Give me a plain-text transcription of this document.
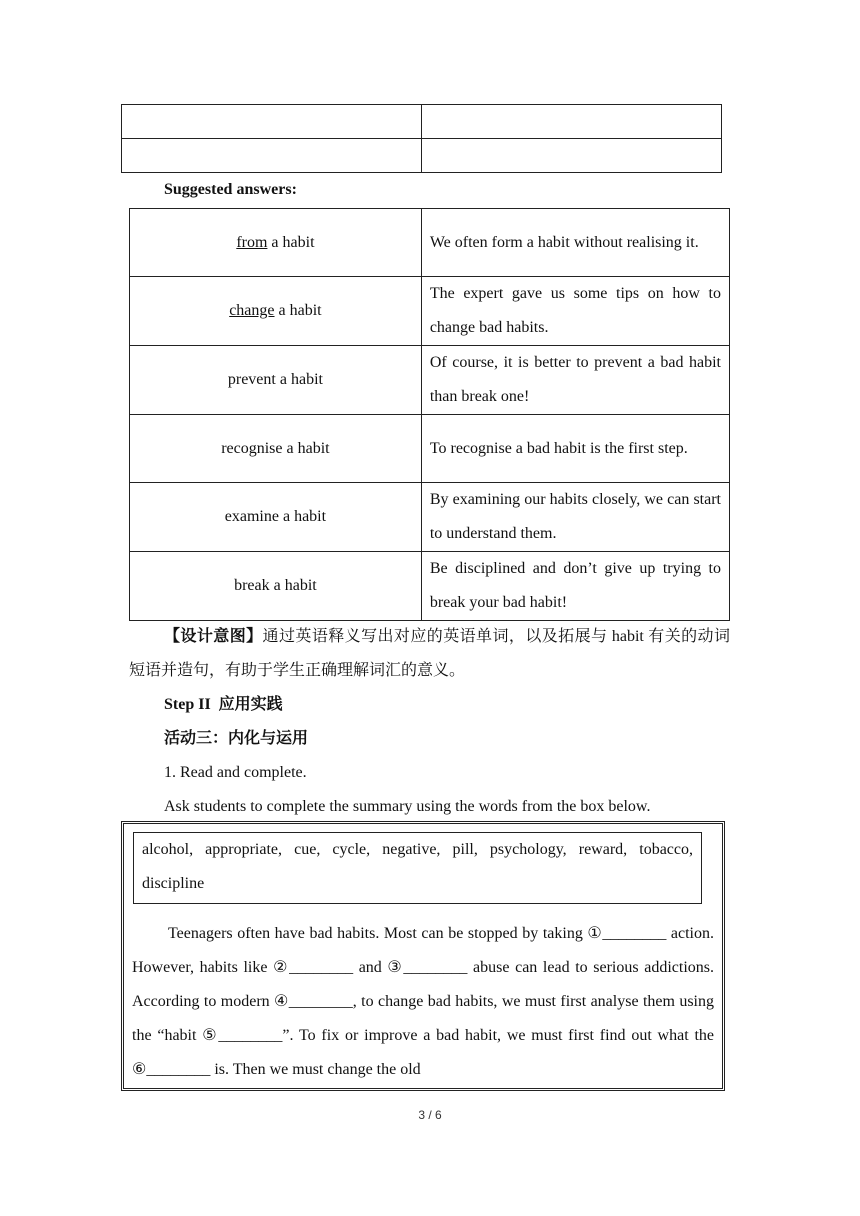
Suggested answers:
from a habit	We often form a habit without realising it.
change a habit	The expert gave us some tips on how to change bad habits.
prevent a habit	Of course, it is better to prevent a bad habit than break one!
recognise a habit	To recognise a bad habit is the first step.
examine a habit	By examining our habits closely, we can start to understand them.
break a habit	Be disciplined and don’t give up trying to break your bad habit!
【设计意图】通过英语释义写出对应的英语单词，以及拓展与 habit 有关的动词短语并造句，有助于学生正确理解词汇的意义。
Step II  应用实践
活动三：内化与运用
1. Read and complete.
Ask students to complete the summary using the words from the box below.
alcohol, appropriate, cue, cycle, negative, pill, psychology, reward, tobacco, discipline
Teenagers often have bad habits. Most can be stopped by taking ①________ action. However, habits like ②________ and ③________ abuse can lead to serious addictions. According to modern ④________, to change bad habits, we must first analyse them using the “habit ⑤________”. To fix or improve a bad habit, we must first find out what the ⑥________ is. Then we must change the old
3 / 6
